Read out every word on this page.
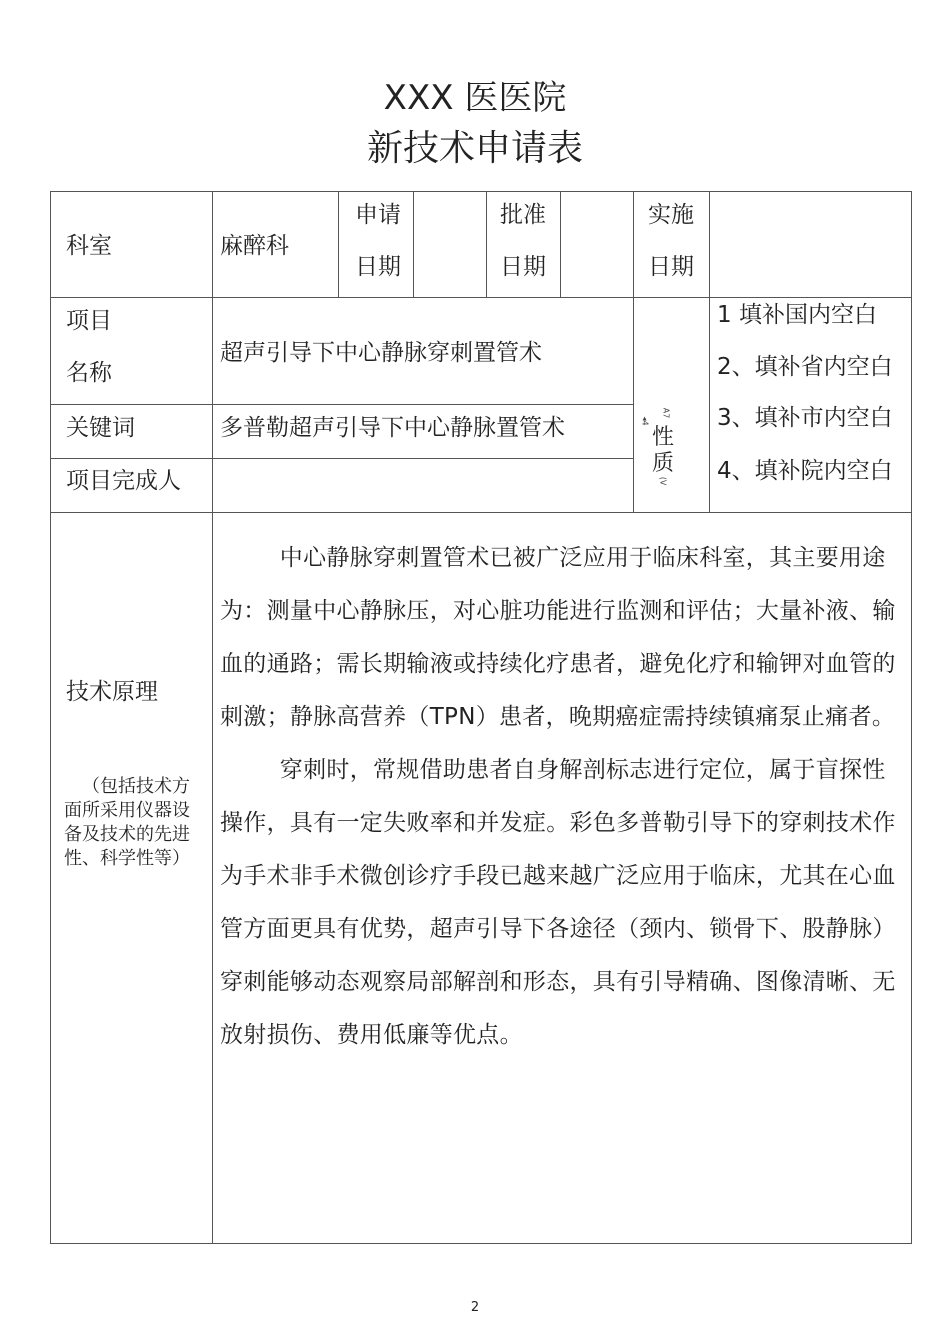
XXX 医医院
新技术申请表
科室	麻醉科
申请
日期
批准
日期
实施
日期
项目
名称
超声引导下中心静脉穿刺置管术
关键词	多普勒超声引导下中心静脉置管术
项目完成人
性
质
A7
◂4
(V
1 填补国内空白
2、填补省内空白
3、填补市内空白
4、填补院内空白
技术原理
（包括技术方面所采用仪器设备及技术的先进性、科学性等）

中心静脉穿刺置管术已被广泛应用于临床科室，其主要用途为：测量中心静脉压，对心脏功能进行监测和评估；大量补液、输血的通路；需长期输液或持续化疗患者，避免化疗和输钾对血管的刺激；静脉高营养（TPN）患者，晚期癌症需持续镇痛泵止痛者。

穿刺时，常规借助患者自身解剖标志进行定位，属于盲探性操作，具有一定失败率和并发症。彩色多普勒引导下的穿刺技术作为手术非手术微创诊疗手段已越来越广泛应用于临床，尤其在心血管方面更具有优势，超声引导下各途径（颈内、锁骨下、股静脉）穿刺能够动态观察局部解剖和形态，具有引导精确、图像清晰、无放射损伤、费用低廉等优点。

2
